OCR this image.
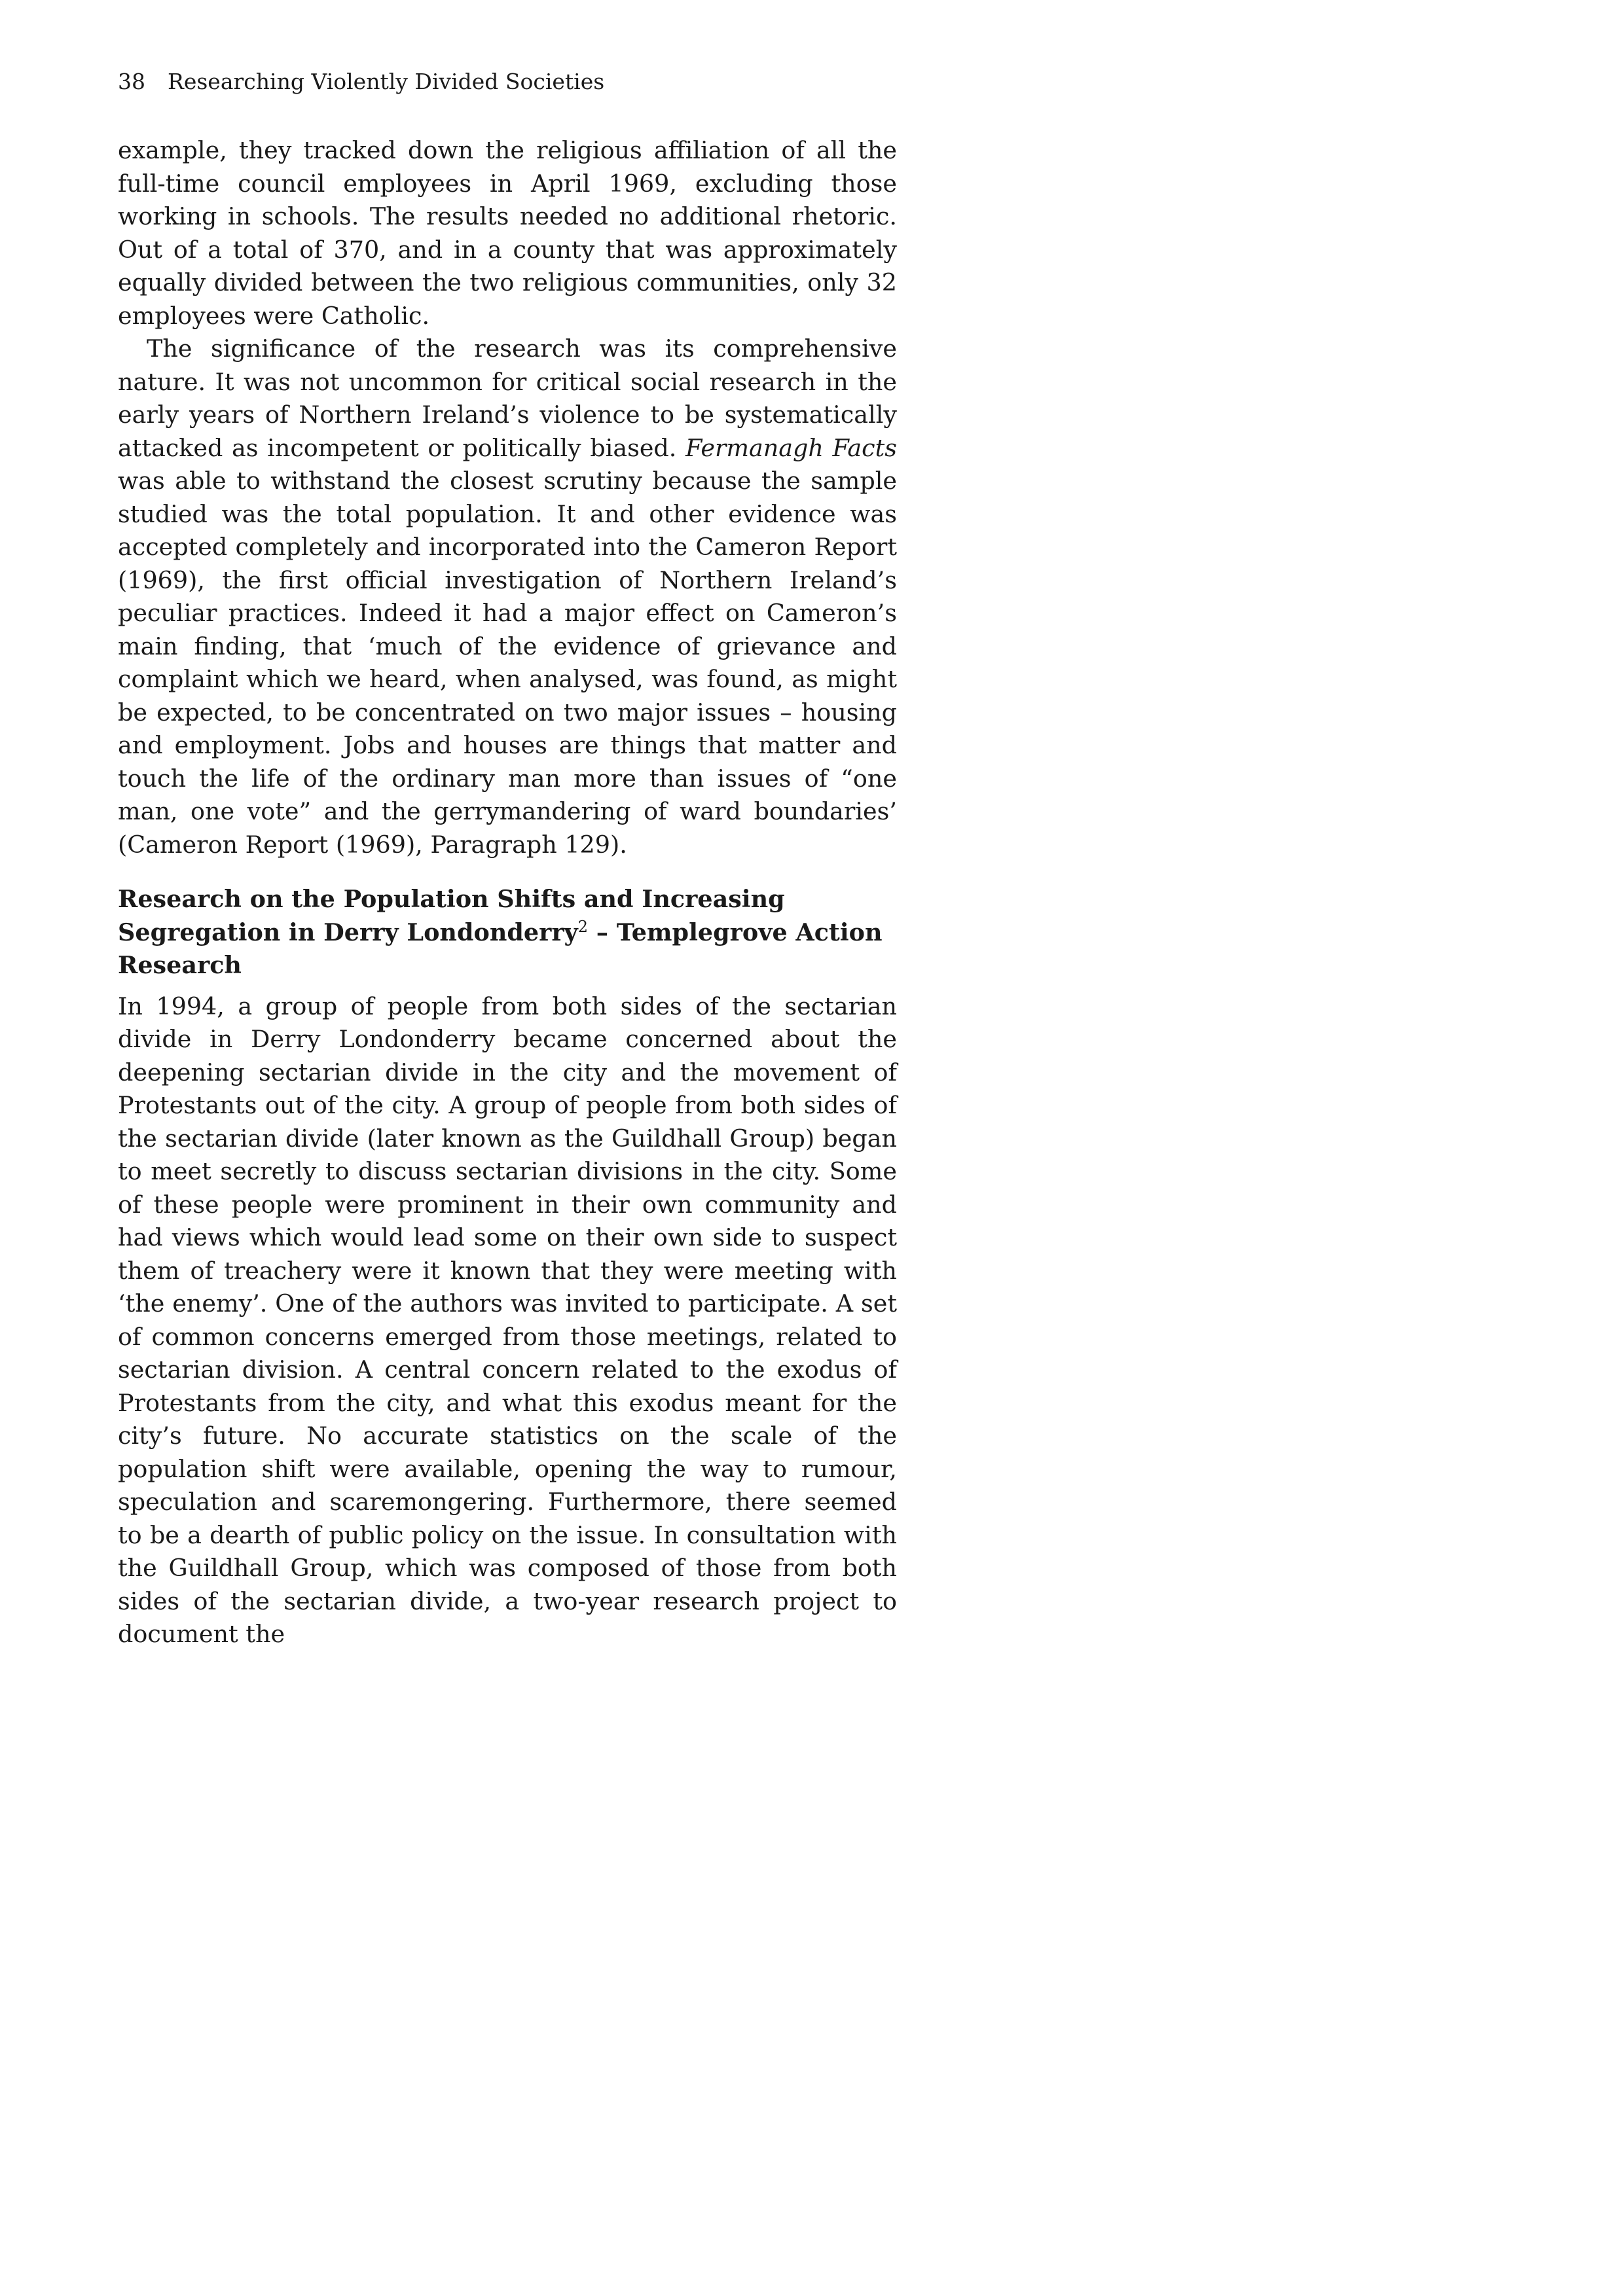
38 Researching Violently Divided Societies

example, they tracked down the religious affiliation of all the full-time council employees in April 1969, excluding those working in schools. The results needed no additional rhetoric. Out of a total of 370, and in a county that was approximately equally divided between the two religious communities, only 32 employees were Catholic.

The significance of the research was its comprehensive nature. It was not uncommon for critical social research in the early years of Northern Ireland’s violence to be systematically attacked as incompetent or politically biased. Fermanagh Facts was able to withstand the closest scrutiny because the sample studied was the total population. It and other evidence was accepted completely and incorporated into the Cameron Report (1969), the first official investigation of Northern Ireland’s peculiar practices. Indeed it had a major effect on Cameron’s main finding, that ‘much of the evidence of grievance and complaint which we heard, when analysed, was found, as might be expected, to be concentrated on two major issues – housing and employment. Jobs and houses are things that matter and touch the life of the ordinary man more than issues of “one man, one vote” and the gerrymandering of ward boundaries’ (Cameron Report (1969), Paragraph 129).

Research on the Population Shifts and Increasing Segregation in Derry Londonderry$^2$ – Templegrove Action Research

In 1994, a group of people from both sides of the sectarian divide in Derry Londonderry became concerned about the deepening sectarian divide in the city and the movement of Protestants out of the city. A group of people from both sides of the sectarian divide (later known as the Guildhall Group) began to meet secretly to discuss sectarian divisions in the city. Some of these people were prominent in their own community and had views which would lead some on their own side to suspect them of treachery were it known that they were meeting with ‘the enemy’. One of the authors was invited to participate. A set of common concerns emerged from those meetings, related to sectarian division. A central concern related to the exodus of Protestants from the city, and what this exodus meant for the city’s future. No accurate statistics on the scale of the population shift were available, opening the way to rumour, speculation and scaremongering. Furthermore, there seemed to be a dearth of public policy on the issue. In consultation with the Guildhall Group, which was composed of those from both sides of the sectarian divide, a two-year research project to document the
